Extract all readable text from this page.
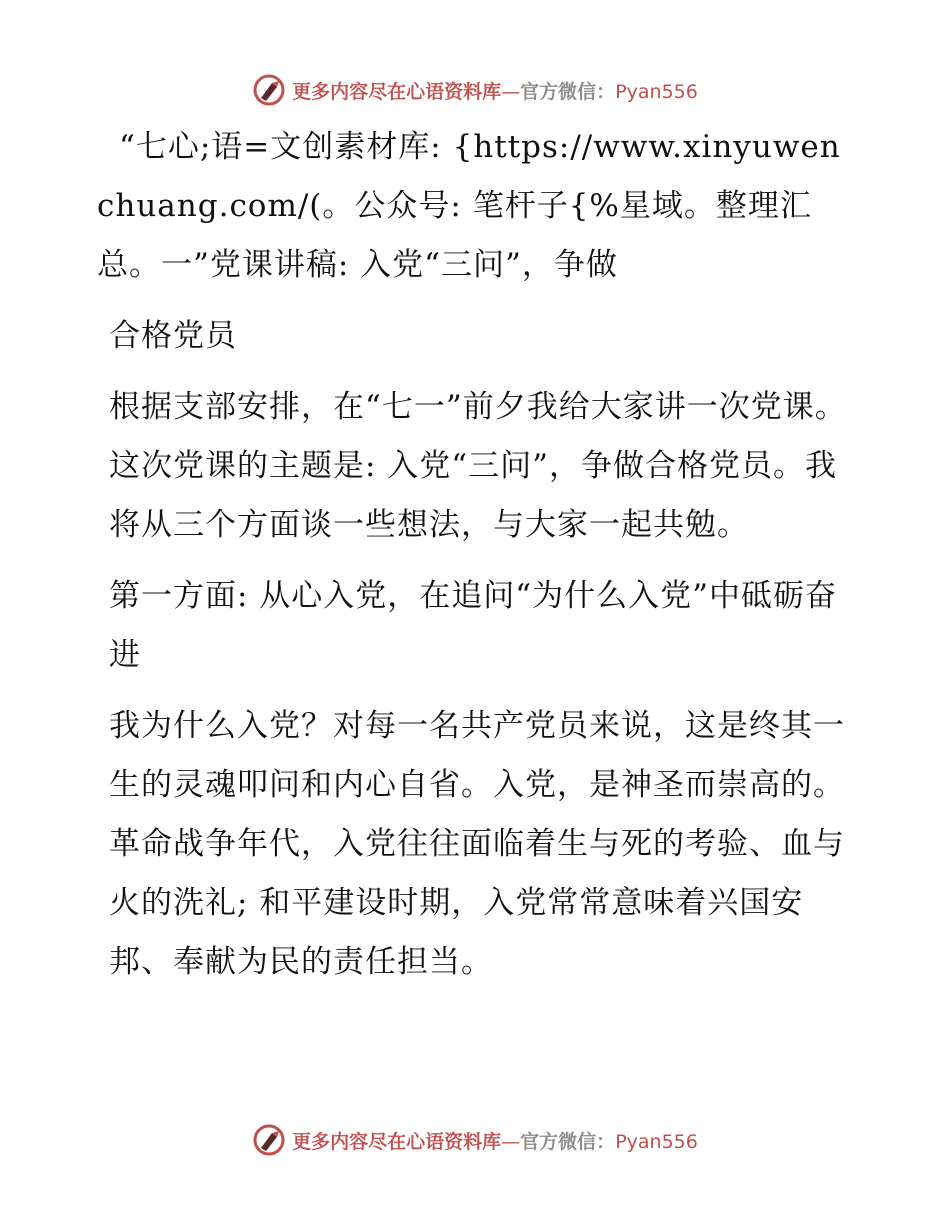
更多内容尽在心语资料库—官方微信：Pyan556

“七心;语=文创素材库: {https://www.xinyuwenchuang.com/(。公众号: 笔杆子{%星域。整理汇总。一”党课讲稿: 入党“三问”，争做

合格党员

根据支部安排，在“七一”前夕我给大家讲一次党课。这次党课的主题是: 入党“三问”，争做合格党员。我将从三个方面谈一些想法，与大家一起共勉。

第一方面: 从心入党，在追问“为什么入党”中砥砺奋进

我为什么入党？对每一名共产党员来说，这是终其一生的灵魂叩问和内心自省。入党，是神圣而崇高的。革命战争年代，入党往往面临着生与死的考验、血与火的洗礼; 和平建设时期，入党常常意味着兴国安邦、奉献为民的责任担当。

更多内容尽在心语资料库—官方微信：Pyan556
